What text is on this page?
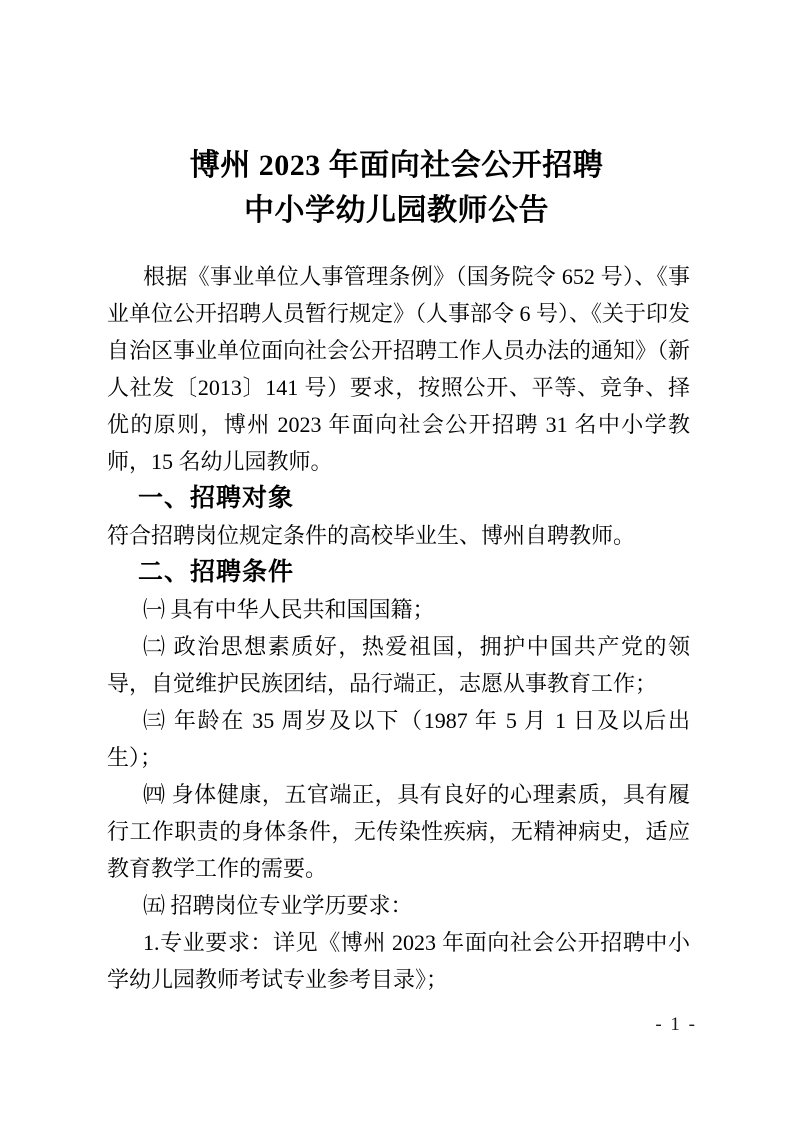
博州 2023 年面向社会公开招聘
中小学幼儿园教师公告

根据《事业单位人事管理条例》（国务院令 652 号）、《事业单位公开招聘人员暂行规定》（人事部令 6 号）、《关于印发自治区事业单位面向社会公开招聘工作人员办法的通知》（新人社发〔2013〕141 号）要求，按照公开、平等、竞争、择优的原则，博州 2023 年面向社会公开招聘 31 名中小学教师，15 名幼儿园教师。

一、招聘对象

符合招聘岗位规定条件的高校毕业生、博州自聘教师。

二、招聘条件

㈠ 具有中华人民共和国国籍；

㈡ 政治思想素质好，热爱祖国，拥护中国共产党的领导，自觉维护民族团结，品行端正，志愿从事教育工作；

㈢ 年龄在 35 周岁及以下（1987 年 5 月 1 日及以后出生）；

㈣ 身体健康，五官端正，具有良好的心理素质，具有履行工作职责的身体条件，无传染性疾病，无精神病史，适应教育教学工作的需要。

㈤ 招聘岗位专业学历要求：

1.专业要求：详见《博州 2023 年面向社会公开招聘中小学幼儿园教师考试专业参考目录》；

- 1 -
